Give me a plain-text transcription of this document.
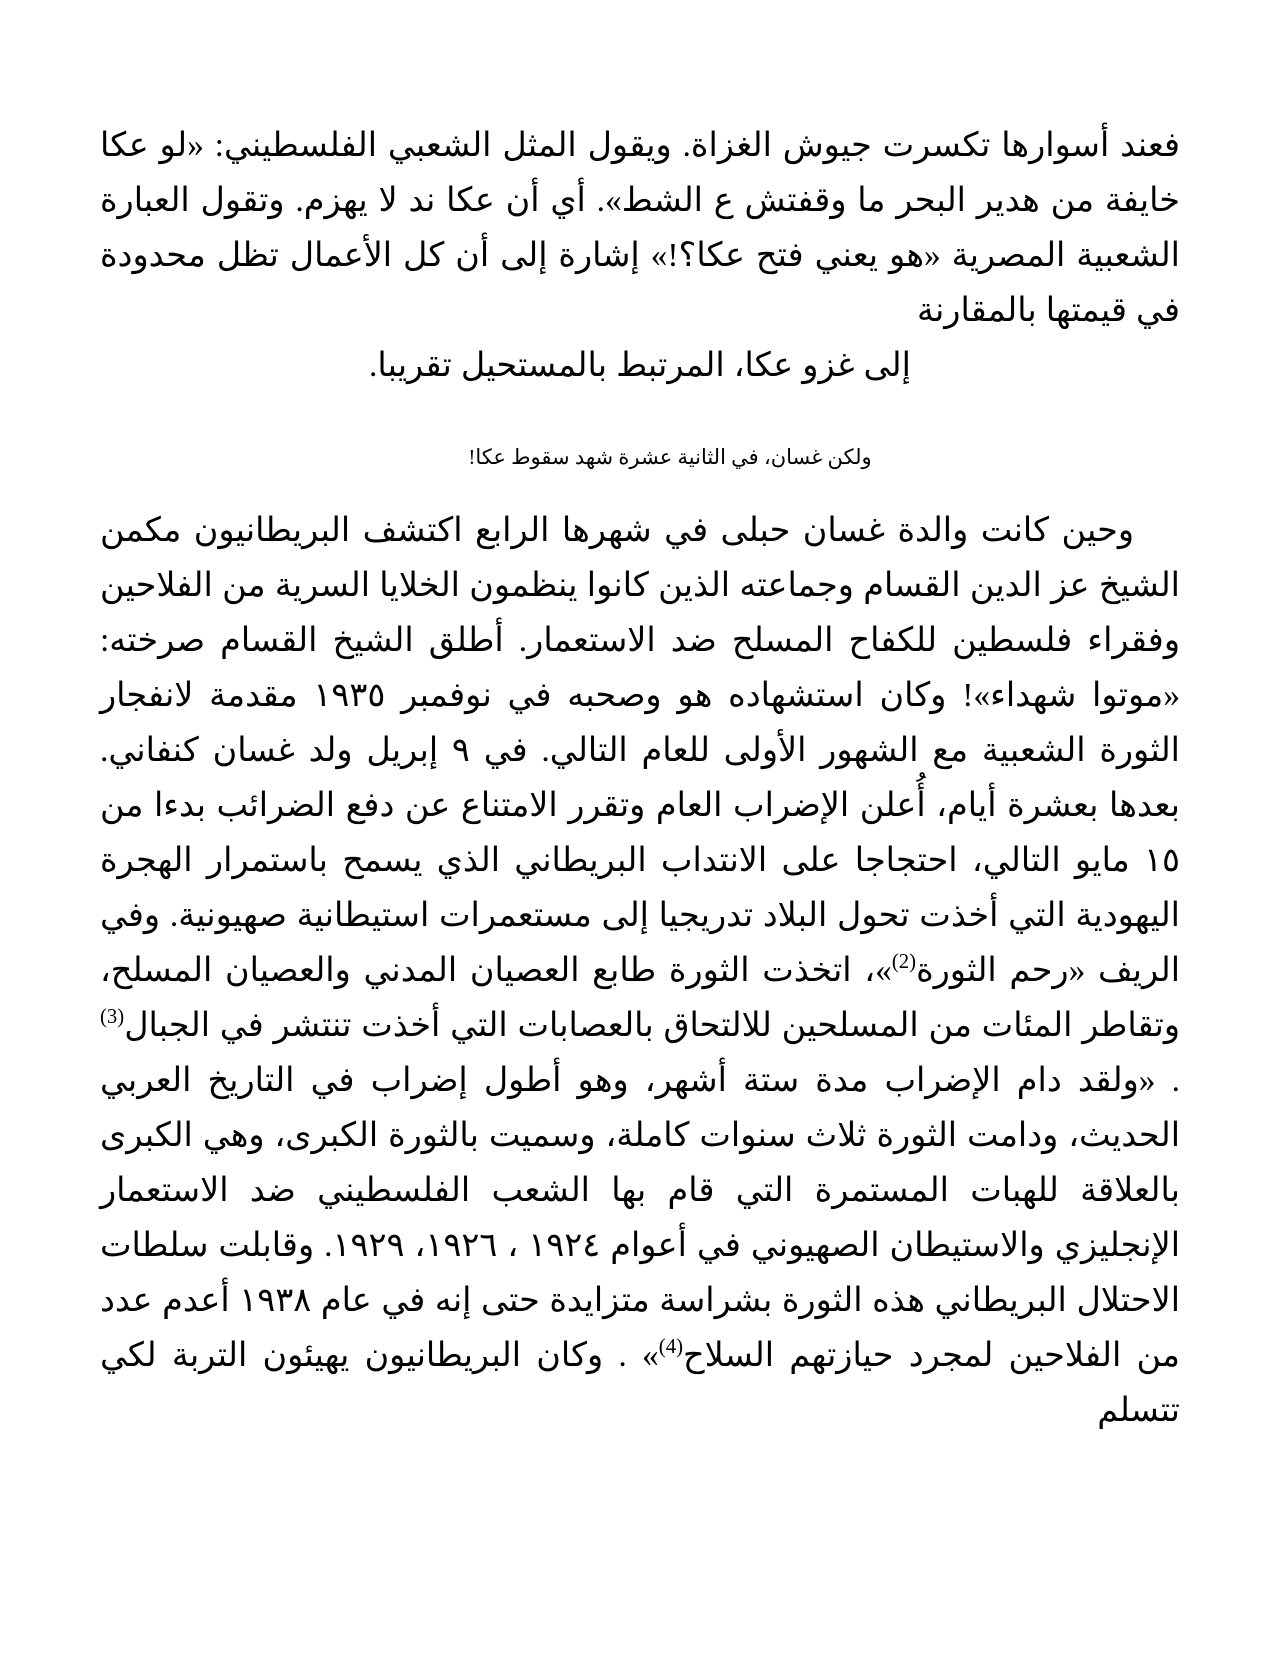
فعند أسوارها تكسرت جيوش الغزاة. ويقول المثل الشعبي الفلسطيني: «لو عكا خايفة من هدير البحر ما وقفتش ع الشط». أي أن عكا ند لا يهزم. وتقول العبارة الشعبية المصرية «هو يعني فتح عكا؟!» إشارة إلى أن كل الأعمال تظل محدودة في قيمتها بالمقارنة
إلى غزو عكا، المرتبط بالمستحيل تقريبا.

ولكن غسان، في الثانية عشرة شهد سقوط عكا!

وحين كانت والدة غسان حبلى في شهرها الرابع اكتشف البريطانيون مكمن الشيخ عز الدين القسام وجماعته الذين كانوا ينظمون الخلايا السرية من الفلاحين وفقراء فلسطين للكفاح المسلح ضد الاستعمار. أطلق الشيخ القسام صرخته: «موتوا شهداء»! وكان استشهاده هو وصحبه في نوفمبر ١٩٣٥ مقدمة لانفجار الثورة الشعبية مع الشهور الأولى للعام التالي. في ٩ إبريل ولد غسان كنفاني. بعدها بعشرة أيام، أُعلن الإضراب العام وتقرر الامتناع عن دفع الضرائب بدءا من ١٥ مايو التالي، احتجاجا على الانتداب البريطاني الذي يسمح باستمرار الهجرة اليهودية التي أخذت تحول البلاد تدريجيا إلى مستعمرات استيطانية صهيونية. وفي الريف «رحم الثورة$^{(2)}$»، اتخذت الثورة طابع العصيان المدني والعصيان المسلح، وتقاطر المئات من المسلحين للالتحاق بالعصابات التي أخذت تنتشر في الجبال$^{(3)}$ . «ولقد دام الإضراب مدة ستة أشهر، وهو أطول إضراب في التاريخ العربي الحديث، ودامت الثورة ثلاث سنوات كاملة، وسميت بالثورة الكبرى، وهي الكبرى بالعلاقة للهبات المستمرة التي قام بها الشعب الفلسطيني ضد الاستعمار الإنجليزي والاستيطان الصهيوني في أعوام ١٩٢٤ ، ١٩٢٦، ١٩٢٩. وقابلت سلطات الاحتلال البريطاني هذه الثورة بشراسة متزايدة حتى إنه في عام ١٩٣٨ أعدم عدد من الفلاحين لمجرد حيازتهم السلاح$^{(4)}$» . وكان البريطانيون يهيئون التربة لكي تتسلم
